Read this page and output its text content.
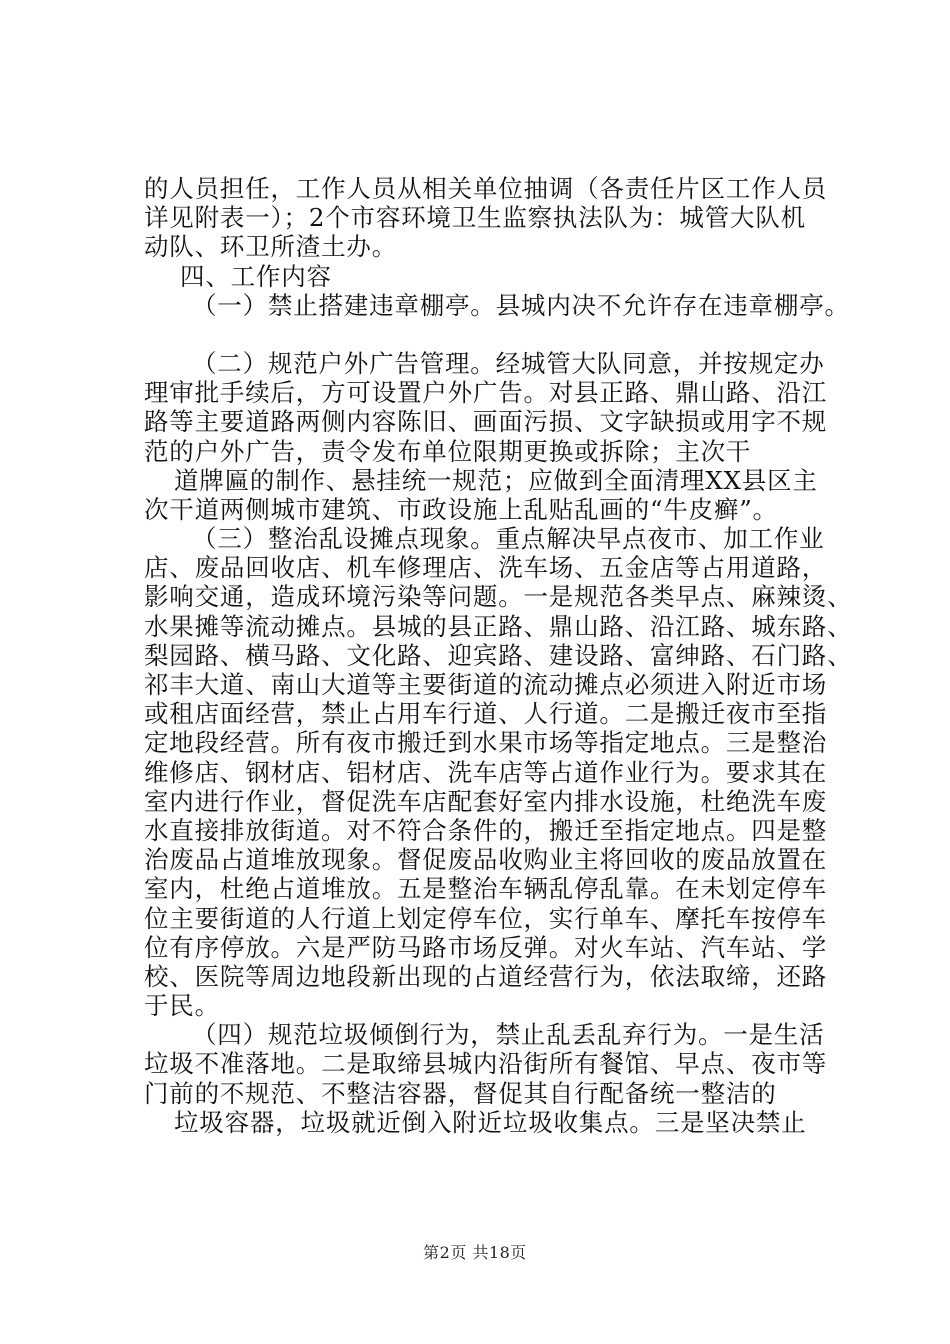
的人员担任，工作人员从相关单位抽调（各责任片区工作人员
详见附表一）；2个市容环境卫生监察执法队为：城管大队机
动队、环卫所渣土办。
四、工作内容
（一）禁止搭建违章棚亭。县城内决不允许存在违章棚亭。
（二）规范户外广告管理。经城管大队同意，并按规定办
理审批手续后，方可设置户外广告。对县正路、鼎山路、沿江
路等主要道路两侧内容陈旧、画面污损、文字缺损或用字不规
范的户外广告，责令发布单位限期更换或拆除；主次干
道牌匾的制作、悬挂统一规范；应做到全面清理XX县区主
次干道两侧城市建筑、市政设施上乱贴乱画的“牛皮癣”。
（三）整治乱设摊点现象。重点解决早点夜市、加工作业
店、废品回收店、机车修理店、洗车场、五金店等占用道路，
影响交通，造成环境污染等问题。一是规范各类早点、麻辣烫、
水果摊等流动摊点。县城的县正路、鼎山路、沿江路、城东路、
梨园路、横马路、文化路、迎宾路、建设路、富绅路、石门路、
祁丰大道、南山大道等主要街道的流动摊点必须进入附近市场
或租店面经营，禁止占用车行道、人行道。二是搬迁夜市至指
定地段经营。所有夜市搬迁到水果市场等指定地点。三是整治
维修店、钢材店、铝材店、洗车店等占道作业行为。要求其在
室内进行作业，督促洗车店配套好室内排水设施，杜绝洗车废
水直接排放街道。对不符合条件的，搬迁至指定地点。四是整
治废品占道堆放现象。督促废品收购业主将回收的废品放置在
室内，杜绝占道堆放。五是整治车辆乱停乱靠。在未划定停车
位主要街道的人行道上划定停车位，实行单车、摩托车按停车
位有序停放。六是严防马路市场反弹。对火车站、汽车站、学
校、医院等周边地段新出现的占道经营行为，依法取缔，还路
于民。
（四）规范垃圾倾倒行为，禁止乱丢乱弃行为。一是生活
垃圾不准落地。二是取缔县城内沿街所有餐馆、早点、夜市等
门前的不规范、不整洁容器，督促其自行配备统一整洁的
垃圾容器，垃圾就近倒入附近垃圾收集点。三是坚决禁止
第2页 共18页
